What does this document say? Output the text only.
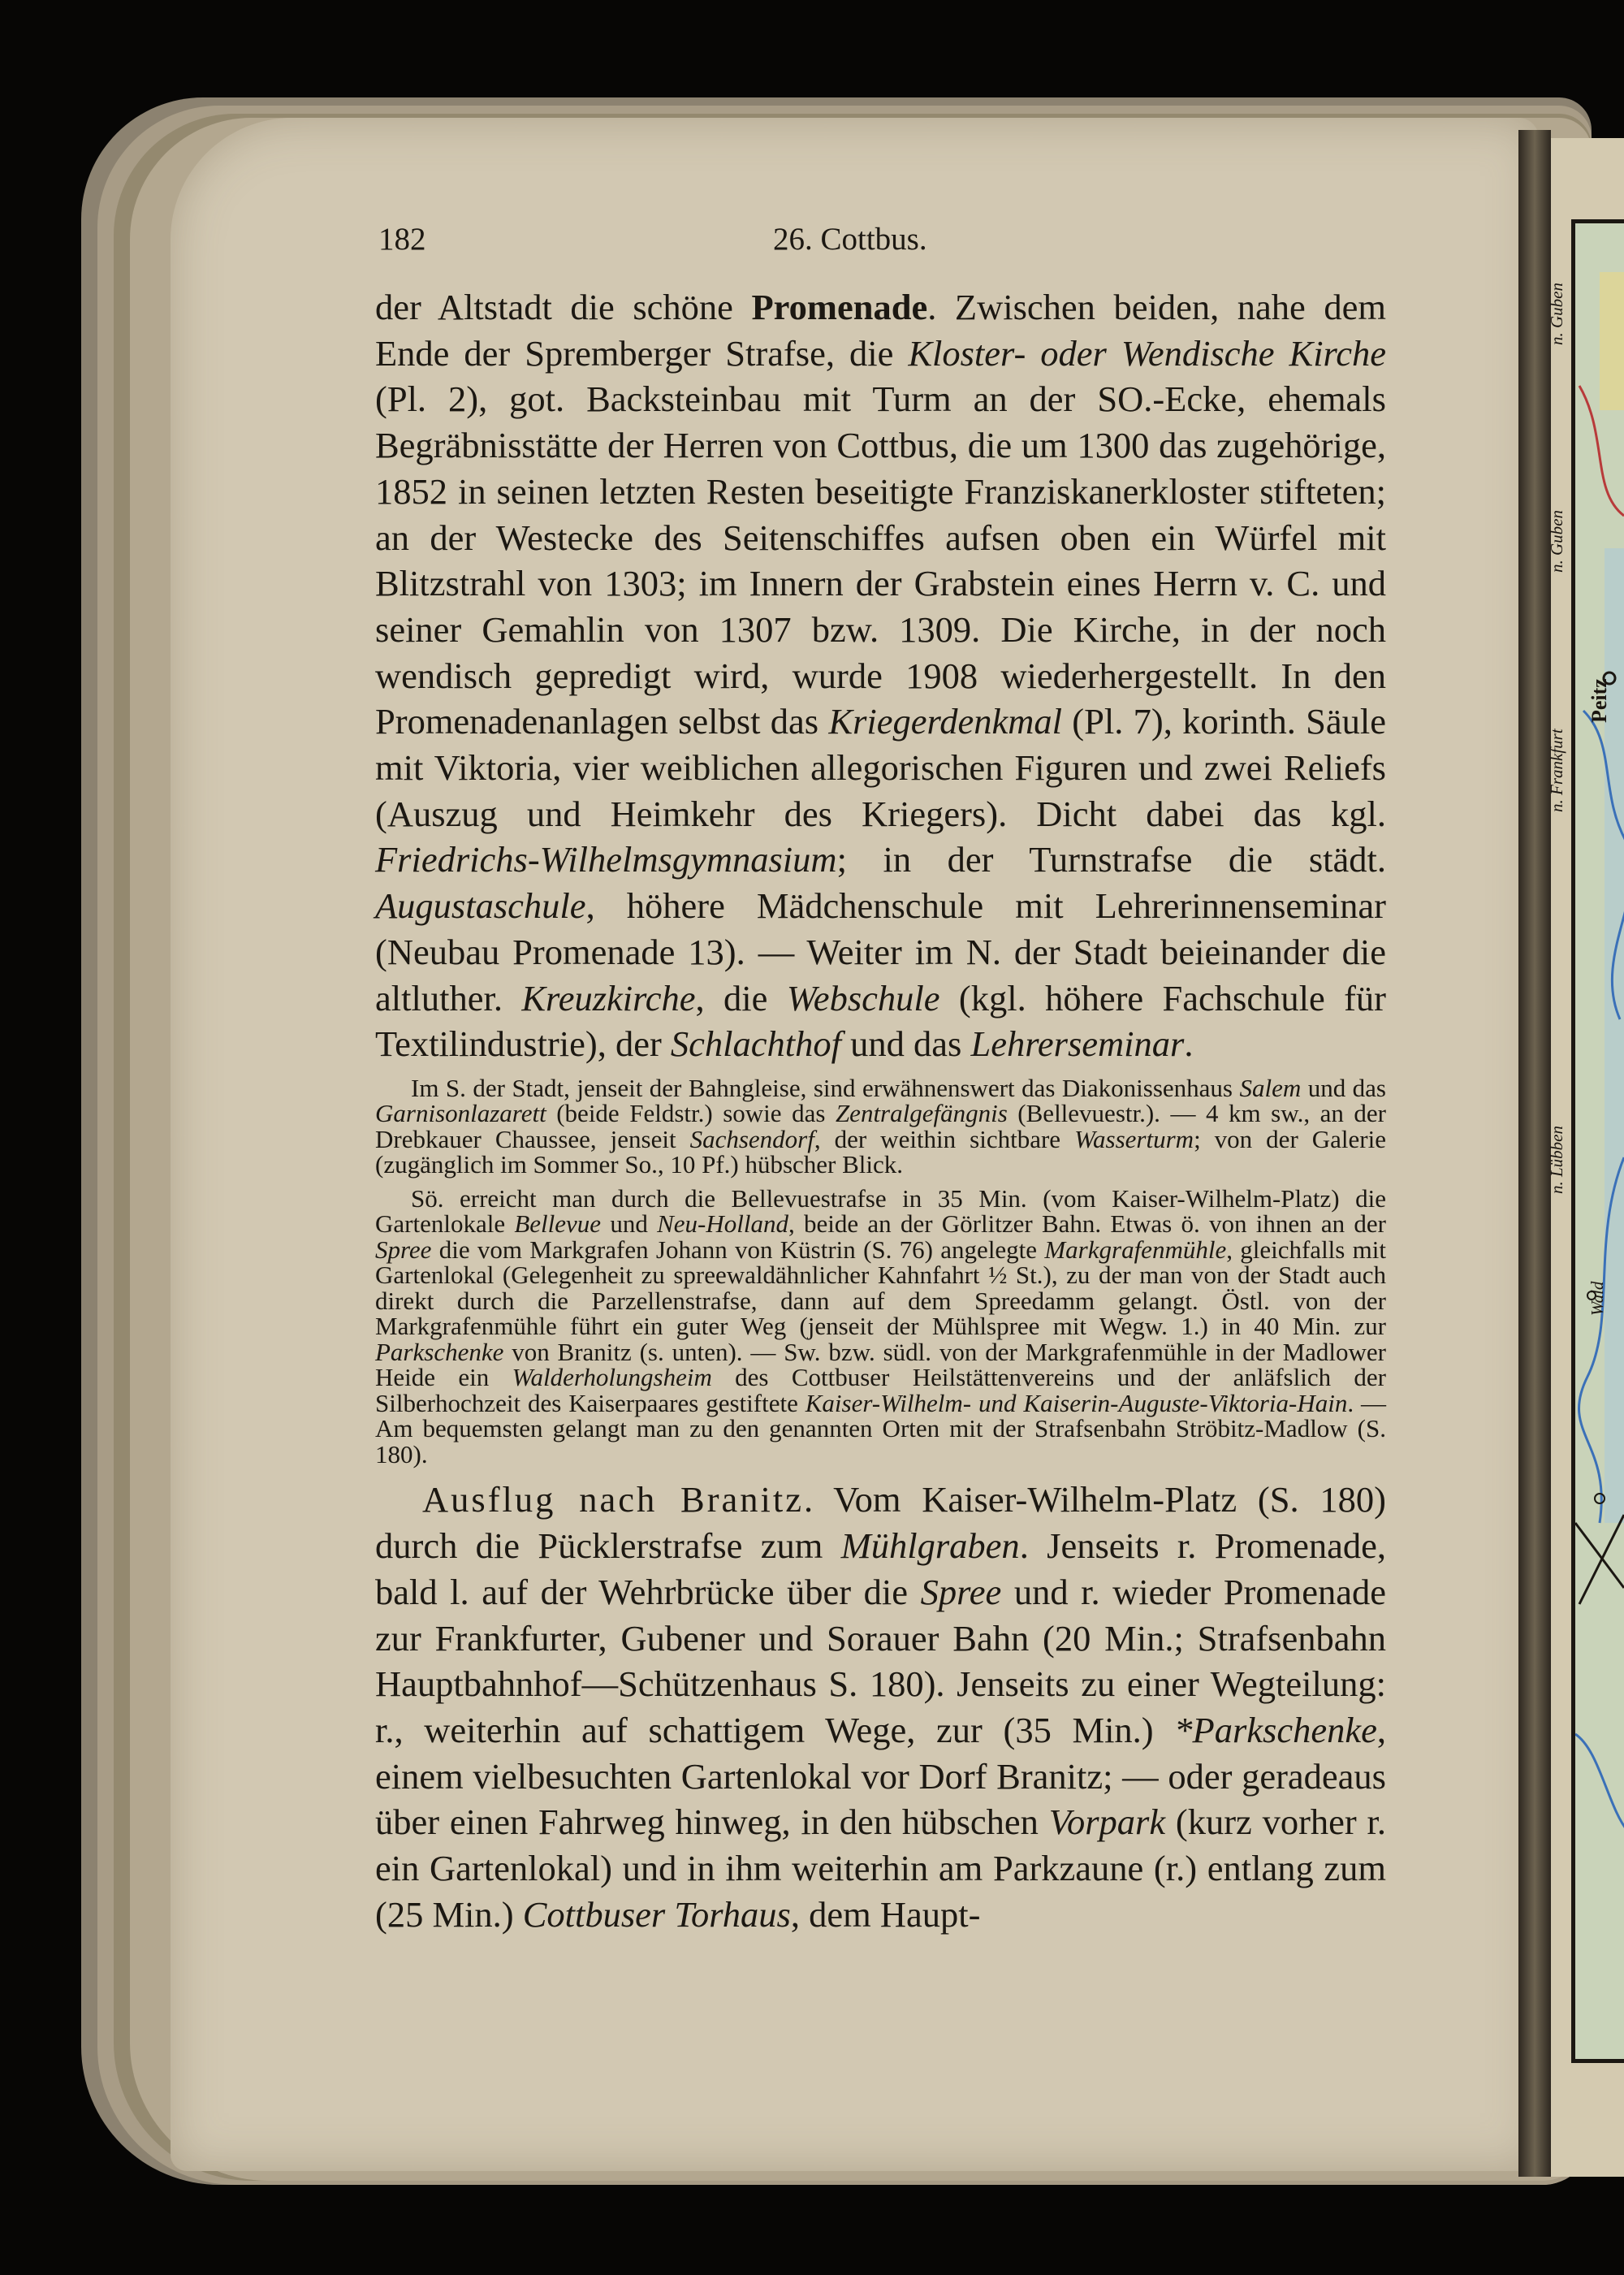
n. Guben
n. Guben
n. Frankfurt
Peitz
n. Lübben
Wald
182	26. Cottbus.

der Altstadt die schöne Promenade. Zwischen beiden, nahe dem Ende der Spremberger Strafse, die Kloster- oder Wendische Kirche (Pl. 2), got. Backsteinbau mit Turm an der SO.-Ecke, ehemals Begräbnisstätte der Herren von Cottbus, die um 1300 das zugehörige, 1852 in seinen letzten Resten beseitigte Franziskanerkloster stifteten; an der Westecke des Seitenschiffes aufsen oben ein Würfel mit Blitzstrahl von 1303; im Innern der Grabstein eines Herrn v. C. und seiner Gemahlin von 1307 bzw. 1309. Die Kirche, in der noch wendisch gepredigt wird, wurde 1908 wiederhergestellt. In den Promenadenanlagen selbst das Kriegerdenkmal (Pl. 7), korinth. Säule mit Viktoria, vier weiblichen allegorischen Figuren und zwei Reliefs (Auszug und Heimkehr des Kriegers). Dicht dabei das kgl. Friedrichs-Wilhelmsgymnasium; in der Turnstrafse die städt. Augustaschule, höhere Mädchenschule mit Lehrerinnenseminar (Neubau Promenade 13). — Weiter im N. der Stadt beieinander die altluther. Kreuzkirche, die Webschule (kgl. höhere Fachschule für Textilindustrie), der Schlachthof und das Lehrerseminar.

Im S. der Stadt, jenseit der Bahngleise, sind erwähnenswert das Diakonissenhaus Salem und das Garnisonlazarett (beide Feldstr.) sowie das Zentralgefängnis (Bellevuestr.). — 4 km sw., an der Drebkauer Chaussee, jenseit Sachsendorf, der weithin sichtbare Wasserturm; von der Galerie (zugänglich im Sommer So., 10 Pf.) hübscher Blick.

Sö. erreicht man durch die Bellevuestrafse in 35 Min. (vom Kaiser-Wilhelm-Platz) die Gartenlokale Bellevue und Neu-Holland, beide an der Görlitzer Bahn. Etwas ö. von ihnen an der Spree die vom Markgrafen Johann von Küstrin (S. 76) angelegte Markgrafenmühle, gleichfalls mit Gartenlokal (Gelegenheit zu spreewaldähnlicher Kahnfahrt ½ St.), zu der man von der Stadt auch direkt durch die Parzellenstrafse, dann auf dem Spreedamm gelangt. Östl. von der Markgrafenmühle führt ein guter Weg (jenseit der Mühlspree mit Wegw. 1.) in 40 Min. zur Parkschenke von Branitz (s. unten). — Sw. bzw. südl. von der Markgrafenmühle in der Madlower Heide ein Walderholungsheim des Cottbuser Heilstättenvereins und der anläfslich der Silberhochzeit des Kaiserpaares gestiftete Kaiser-Wilhelm- und Kaiserin-Auguste-Viktoria-Hain. — Am bequemsten gelangt man zu den genannten Orten mit der Strafsenbahn Ströbitz-Madlow (S. 180).

Ausflug nach Branitz. Vom Kaiser-Wilhelm-Platz (S. 180) durch die Pücklerstrafse zum Mühlgraben. Jenseits r. Promenade, bald l. auf der Wehrbrücke über die Spree und r. wieder Promenade zur Frankfurter, Gubener und Sorauer Bahn (20 Min.; Strafsenbahn Hauptbahnhof—Schützenhaus S. 180). Jenseits zu einer Wegteilung: r., weiterhin auf schattigem Wege, zur (35 Min.) *Parkschenke, einem vielbesuchten Gartenlokal vor Dorf Branitz; — oder geradeaus über einen Fahrweg hinweg, in den hübschen Vorpark (kurz vorher r. ein Gartenlokal) und in ihm weiterhin am Parkzaune (r.) entlang zum (25 Min.) Cottbuser Torhaus, dem Haupt-
